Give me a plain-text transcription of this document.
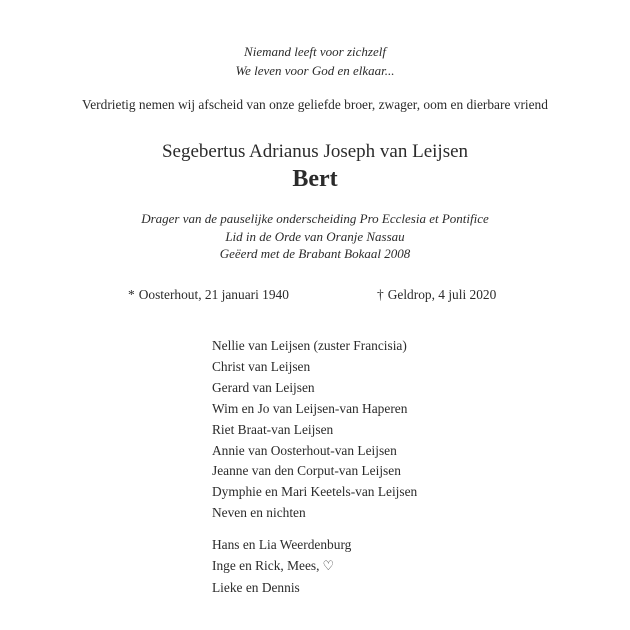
Niemand leeft voor zichzelf
We leven voor God en elkaar...
Verdrietig nemen wij afscheid van onze geliefde broer, zwager, oom en dierbare vriend
Segebertus Adrianus Joseph van Leijsen
Bert
Drager van de pauselijke onderscheiding Pro Ecclesia et Pontifice
Lid in de Orde van Oranje Nassau
Geëerd met de Brabant Bokaal 2008
* Oosterhout, 21 januari 1940	† Geldrop, 4 juli 2020
Nellie van Leijsen (zuster Francisia)
Christ van Leijsen
Gerard van Leijsen
Wim en Jo van Leijsen-van Haperen
Riet Braat-van Leijsen
Annie van Oosterhout-van Leijsen
Jeanne van den Corput-van Leijsen
Dymphie en Mari Keetels-van Leijsen
Neven en nichten
Hans en Lia Weerdenburg
Inge en Rick, Mees, ♡
Lieke en Dennis
